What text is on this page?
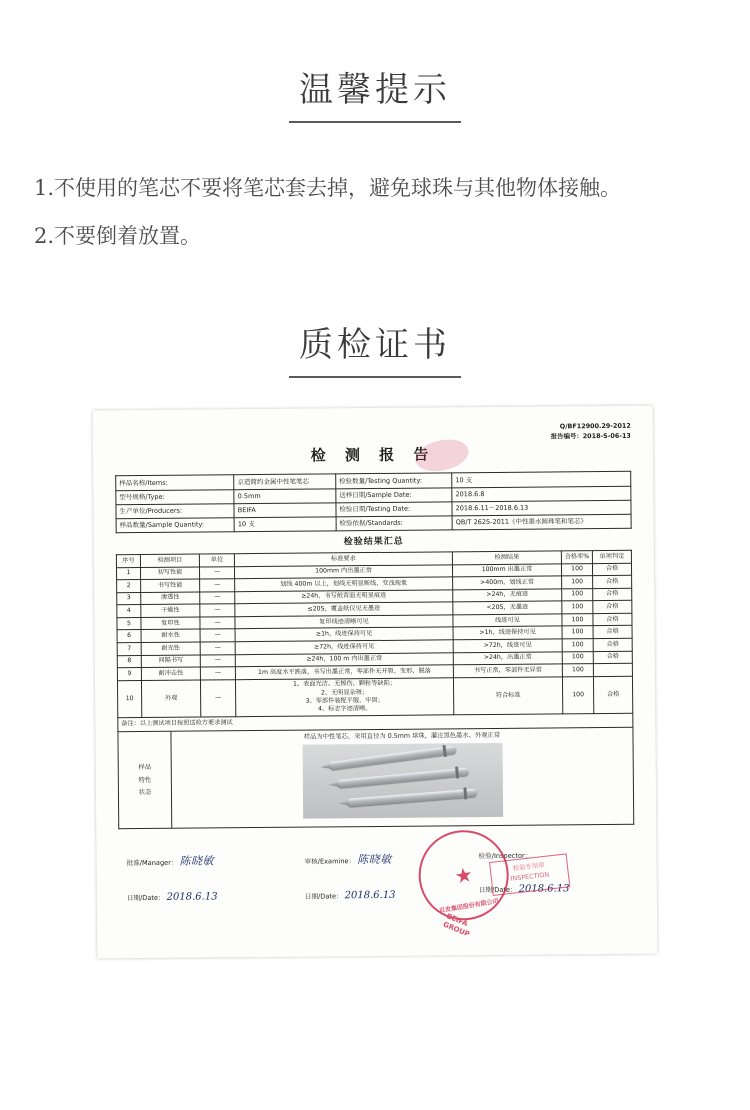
温馨提示
1.不使用的笔芯不要将笔芯套去掉，避免球珠与其他物体接触。
2.不要倒着放置。
质检证书
Q/BF12900.29-2012
报告编号：2018-S-06-13
检 测 报 告
样品名称/Items:	京造简约金属中性笔笔芯	检验数量/Testing Quantity:	10 支
型号规格/Type:	0.5mm	送样日期/Sample Date:	2018.6.8
生产单位/Producers:	BEIFA	检验日期/Testing Date:	2018.6.11～2018.6.13
样品数量/Sample Quantity:	10 支	检验依据/Standards:	QB/T 2625-2011《中性墨水圆珠笔和笔芯》
检验结果汇总
序号	检测项目	单位	标准要求	检测结果	合格率%	单项判定
1	初写性能	—	100mm 内出墨正常	100mm 出墨正常	100	合格
2	书写性能	—	划线 400m 以上，划线无明显断线、变浅现象	>400m，划线正常	100	合格
3	渗透性	—	≥24h，书写纸背面无明显痕迹	>24h，无痕迹	100	合格
4	干燥性	—	≤20S，覆盖纸仅见无墨迹	<20S，无墨迹	100	合格
5	复印性	—	复印线迹清晰可见	线迹可见	100	合格
6	耐水性	—	≥1h，线迹保持可见	>1h，线迹保持可见	100	合格
7	耐光性	—	≥72h，线迹保持可见	>72h，线迹可见	100	合格
8	间隔书写	—	≥24h，100 m 内出墨正常	>24h，出墨正常	100	合格
9	耐冲击性	—	1m 高度水平跌落，书写出墨正常，零部件无开裂、变形、脱落	书写正常，零部件无异常	100	
10	外观	—	1、表面光洁、无擦伤、颗粒等缺陷；
2、无明显杂斑；
3、零部件装配平服、牢固；
4、标志字迹清晰。	符合标准	100	合格
备注：以上测试项目按照送检方要求测试
样品
特性
状态
样品为中性笔芯，采用直径为 0.5mm 球珠，灌注黑色墨水、外观正常
批准/Manager： 陈晓敏
日期/Date： 2018.6.13
审核/Examine： 陈晓敏
日期/Date： 2018.6.13
检验/Inspector：
日期/Date： 2018.6.13
BEIFA GROUP
★
贝发集团股份有限公司
检验专用章
INSPECTION
